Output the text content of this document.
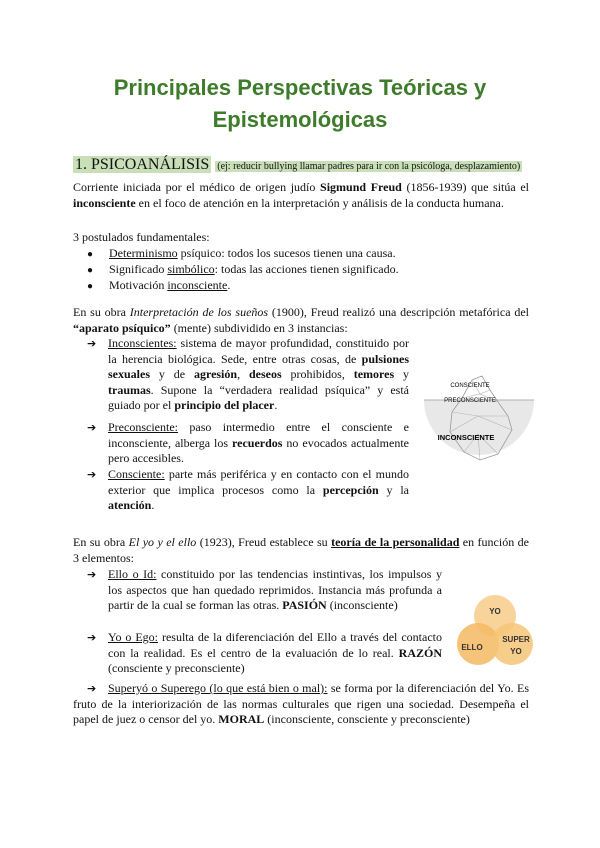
Principales Perspectivas Teóricas y
Epistemológicas
1. PSICOANÁLISIS (ej: reducir bullying llamar padres para ir con la psicóloga, desplazamiento)
Corriente iniciada por el médico de origen judío Sigmund Freud (1856-1939) que sitúa el inconsciente en el foco de atención en la interpretación y análisis de la conducta humana.
3 postulados fundamentales:
● Determinismo psíquico: todos los sucesos tienen una causa.
● Significado simbólico: todas las acciones tienen significado.
● Motivación inconsciente.
En su obra Interpretación de los sueños (1900), Freud realizó una descripción metafórica del “aparato psíquico” (mente) subdividido en 3 instancias:
➔ Inconscientes: sistema de mayor profundidad, constituido por la herencia biológica. Sede, entre otras cosas, de pulsiones sexuales y de agresión, deseos prohibidos, temores y traumas. Supone la “verdadera realidad psíquica” y está guiado por el principio del placer.
➔ Preconsciente: paso intermedio entre el consciente e inconsciente, alberga los recuerdos no evocados actualmente pero accesibles.
➔ Consciente: parte más periférica y en contacto con el mundo exterior que implica procesos como la percepción y la atención.
CONSCIENTE
PRECONSCIENTE
INCONSCIENTE
En su obra El yo y el ello (1923), Freud establece su teoría de la personalidad en función de 3 elementos:
➔ Ello o Id: constituido por las tendencias instintivas, los impulsos y los aspectos que han quedado reprimidos. Instancia más profunda a partir de la cual se forman las otras. PASIÓN (inconsciente)
➔ Yo o Ego: resulta de la diferenciación del Ello a través del contacto con la realidad. Es el centro de la evaluación de lo real. RAZÓN (consciente y preconsciente)
➔ Superyó o Superego (lo que está bien o mal): se forma por la diferenciación del Yo. Es fruto de la interiorización de las normas culturales que rigen una sociedad. Desempeña el papel de juez o censor del yo. MORAL (inconsciente, consciente y preconsciente)
YO
ELLO
SUPER
YO
